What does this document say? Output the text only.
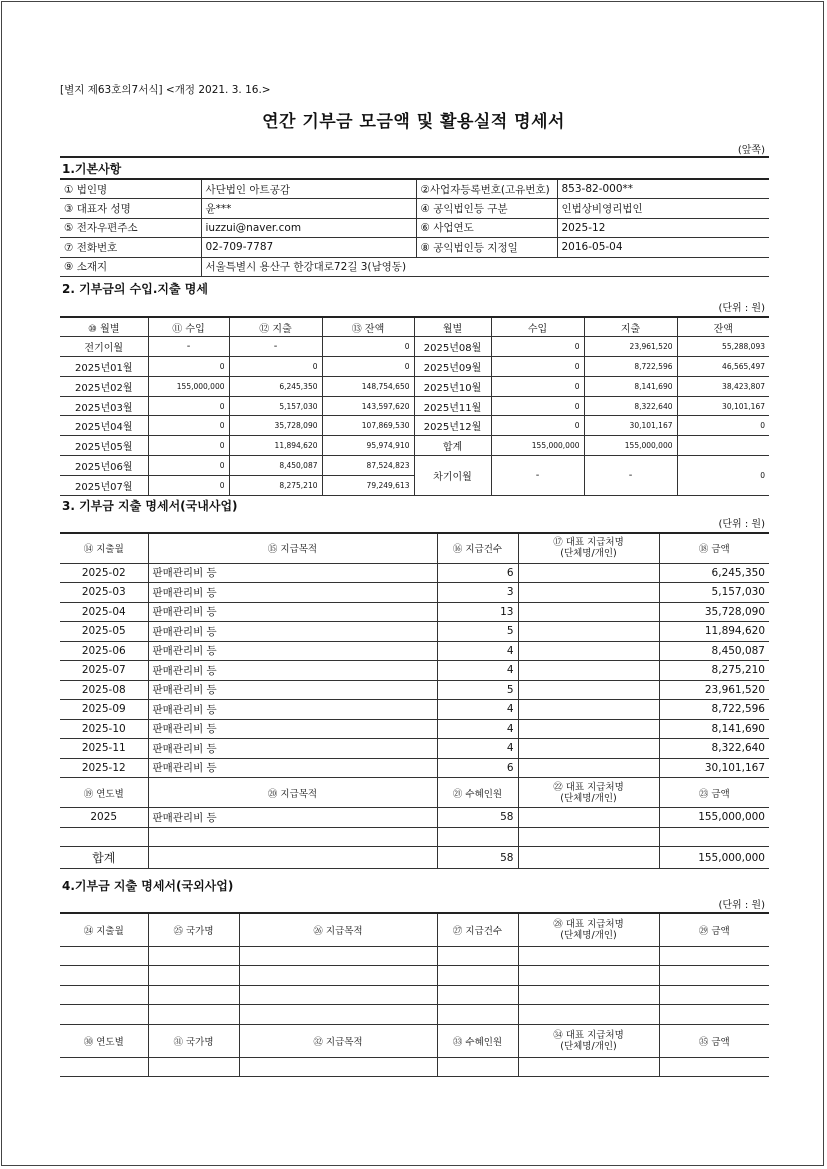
[별지 제63호의7서식] <개정 2021. 3. 16.>
연간 기부금 모금액 및 활용실적 명세서
(앞쪽)
1.기본사항
① 법인명	사단법인 아트공감	②사업자등록번호(고유번호)	853-82-000**
③ 대표자 성명	윤***	④ 공익법인등 구분	인법상비영리법인
⑤ 전자우편주소	iuzzui@naver.com	⑥ 사업연도	2025-12
⑦ 전화번호	02-709-7787	⑧ 공익법인등 지정일	2016-05-04
⑨ 소재지	서울특별시 용산구 한강대로72길 3(남영동)		
2. 기부금의 수입.지출 명세
(단위 : 원)
⑩ 월별	⑪ 수입	⑫ 지출	⑬ 잔액	월별	수입	지출	잔액
전기이월	-	-	0	2025년08월	0	23,961,520	55,288,093
2025년01월	0	0	0	2025년09월	0	8,722,596	46,565,497
2025년02월	155,000,000	6,245,350	148,754,650	2025년10월	0	8,141,690	38,423,807
2025년03월	0	5,157,030	143,597,620	2025년11월	0	8,322,640	30,101,167
2025년04월	0	35,728,090	107,869,530	2025년12월	0	30,101,167	0
2025년05월	0	11,894,620	95,974,910	합계	155,000,000	155,000,000	
2025년06월	0	8,450,087	87,524,823	차기이월	-	-	0
2025년07월	0	8,275,210	79,249,613				
3. 기부금 지출 명세서(국내사업)
(단위 : 원)
⑭ 지출월	⑮ 지급목적	⑯ 지급건수	⑰ 대표 지급처명
(단체명/개인)	⑱ 금액
2025-02	판매관리비 등	6		6,245,350
2025-03	판매관리비 등	3		5,157,030
2025-04	판매관리비 등	13		35,728,090
2025-05	판매관리비 등	5		11,894,620
2025-06	판매관리비 등	4		8,450,087
2025-07	판매관리비 등	4		8,275,210
2025-08	판매관리비 등	5		23,961,520
2025-09	판매관리비 등	4		8,722,596
2025-10	판매관리비 등	4		8,141,690
2025-11	판매관리비 등	4		8,322,640
2025-12	판매관리비 등	6		30,101,167
⑲ 연도별	⑳ 지급목적	㉑ 수혜인원	㉒ 대표 지급처명
(단체명/개인)	㉓ 금액
2025	판매관리비 등	58		155,000,000

합계		58		155,000,000
4.기부금 지출 명세서(국외사업)
(단위 : 원)
㉔ 지출월	㉕ 국가명	㉖ 지급목적	㉗ 지급건수	㉘ 대표 지급처명
(단체명/개인)	㉙ 금액

㉚ 연도별	㉛ 국가명	㉜ 지급목적	㉝ 수혜인원	㉞ 대표 지급처명
(단체명/개인)	㉟ 금액
